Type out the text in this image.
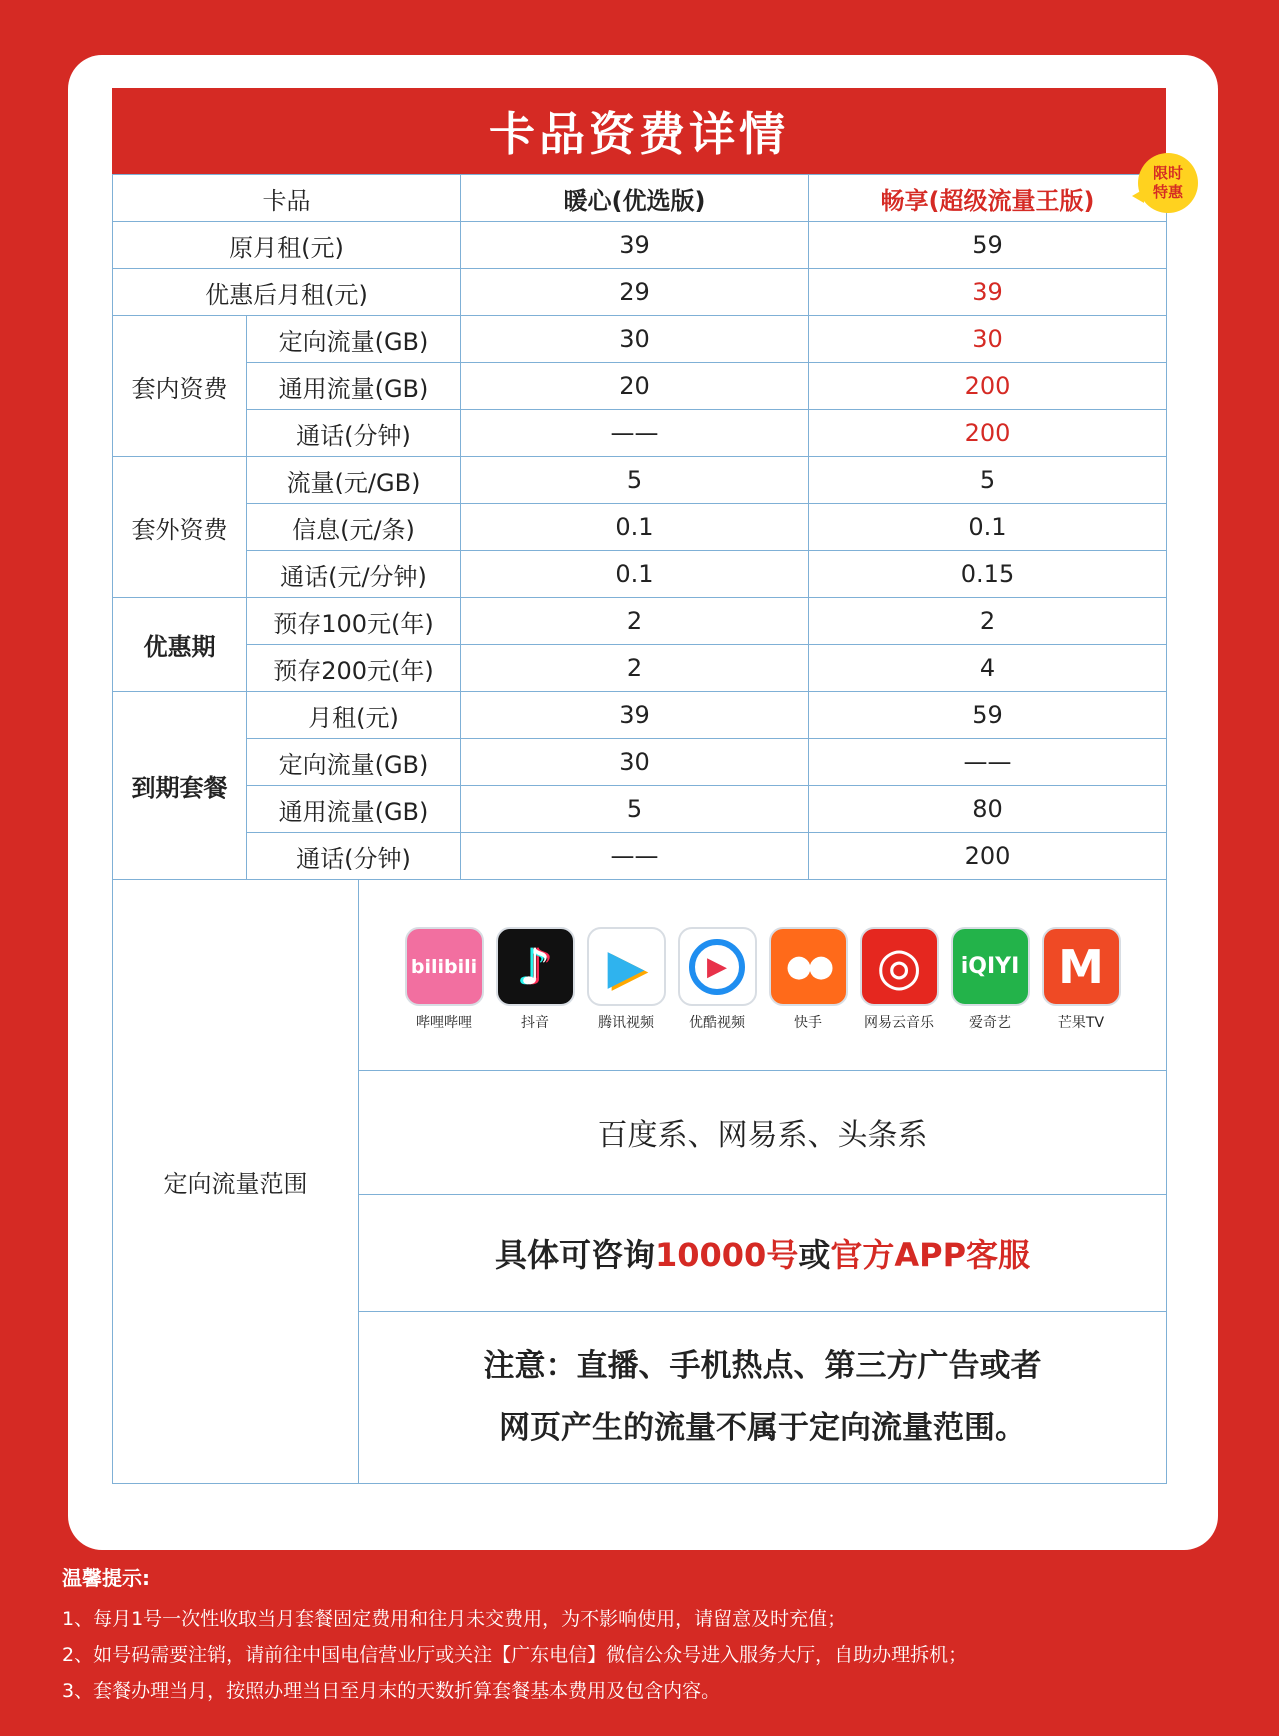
卡品资费详情
卡品		暖心(优选版)	畅享(超级流量王版)
限时
特惠

原月租(元)		39	59
优惠后月租(元)		29	39
套内资费	定向流量(GB)	30	30
	通用流量(GB)	20	200
	通话(分钟)	——	200
套外资费	流量(元/GB)	5	5
	信息(元/条)	0.1	0.1
	通话(元/分钟)	0.1	0.15
优惠期	预存100元(年)	2	2
	预存200元(年)	2	4
到期套餐	月租(元)	39	59
	定向流量(GB)	30	——
	通用流量(GB)	5	80
	通话(分钟)	——	200
定向流量范围	
bilibili
哔哩哔哩
♪
抖音
▶
腾讯视频
▶
优酷视频
●●
快手
◎
网易云音乐
iQIYI
爱奇艺
M
芒果TV

百度系、网易系、头条系
具体可咨询10000号或官方APP客服

注意：直播、手机热点、第三方广告或者
网页产生的流量不属于定向流量范围。
温馨提示:
1、每月1号一次性收取当月套餐固定费用和往月未交费用，为不影响使用，请留意及时充值；
2、如号码需要注销，请前往中国电信营业厅或关注【广东电信】微信公众号进入服务大厅，自助办理拆机；
3、套餐办理当月，按照办理当日至月末的天数折算套餐基本费用及包含内容。
